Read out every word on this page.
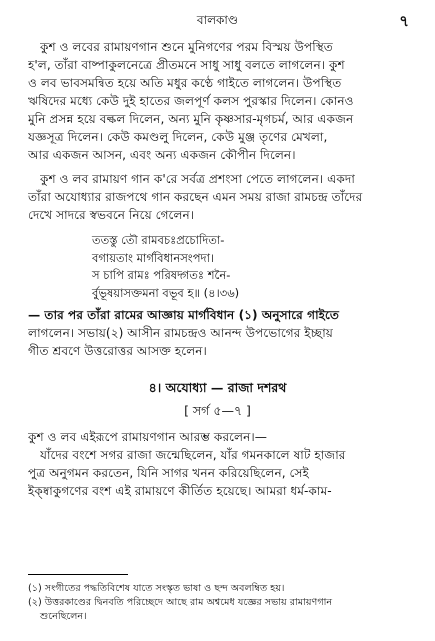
বালকাণ্ড	৭
কুশ ও লবের রামায়ণগান শুনে মুনিগণের পরম বিস্ময় উপস্থিত
হ'ল, তাঁরা বাষ্পাকুলনেত্রে প্রীতমনে সাধু সাধু বলতে লাগলেন। কুশ
ও লব ভাবসমন্বিত হয়ে অতি মধুর কণ্ঠে গাইতে লাগলেন। উপস্থিত
ঋষিদের মধ্যে কেউ দুই হাতের জলপূর্ণ কলস পুরস্কার দিলেন। কোনও
মুনি প্রসন্ন হয়ে বল্কল দিলেন, অন্য মুনি কৃষ্ণসার-মৃগচর্ম, আর একজন
যজ্ঞসূত্র দিলেন। কেউ কমণ্ডলু দিলেন, কেউ মুঞ্জ তৃণের মেখলা,
আর একজন আসন, এবং অন্য একজন কৌপীন দিলেন।
কুশ ও লব রামায়ণ গান ক'রে সর্বত্র প্রশংসা পেতে লাগলেন। একদা
তাঁরা অযোধ্যার রাজপথে গান করছেন এমন সময় রাজা রামচন্দ্র তাঁদের
দেখে সাদরে স্বভবনে নিয়ে গেলেন।
ততস্তু তৌ রামবচঃপ্রচোদিতা-
বগায়তাং মার্গবিধানসংপদা।
স চাপি রামঃ পরিষদ্গতঃ শনৈ-
র্বুভূষয়াসক্তমনা বভূব হ॥ (৪।৩৬)
— তার পর তাঁরা রামের আজ্ঞায় মার্গবিধান (১) অনুসারে গাইতে
লাগলেন। সভায়(২) আসীন রামচন্দ্রও আনন্দ উপভোগের ইচ্ছায়
গীত শ্রবণে উত্তরোত্তর আসক্ত হলেন।
৪। অযোধ্যা — রাজা দশরথ
[ সর্গ ৫—৭ ]
কুশ ও লব এইরূপে রামায়ণগান আরম্ভ করলেন।—
যাঁদের বংশে সগর রাজা জন্মেছিলেন, যাঁর গমনকালে ষাট হাজার
পুত্র অনুগমন করতেন, যিনি সাগর খনন করিয়েছিলেন, সেই
ইক্ষ্বাকুগণের বংশ এই রামায়ণে কীর্তিত হয়েছে। আমরা ধর্ম-কাম-
(১) সংগীতের পদ্ধতিবিশেষ যাতে সংস্কৃত ভাষা ও ছন্দ অবলম্বিত হয়।
(২) উত্তরকাণ্ডের দ্বিনবতি পরিচ্ছেদে আছে রাম অশ্বমেধ যজ্ঞের সভায় রামায়ণগান
শুনেছিলেন।
